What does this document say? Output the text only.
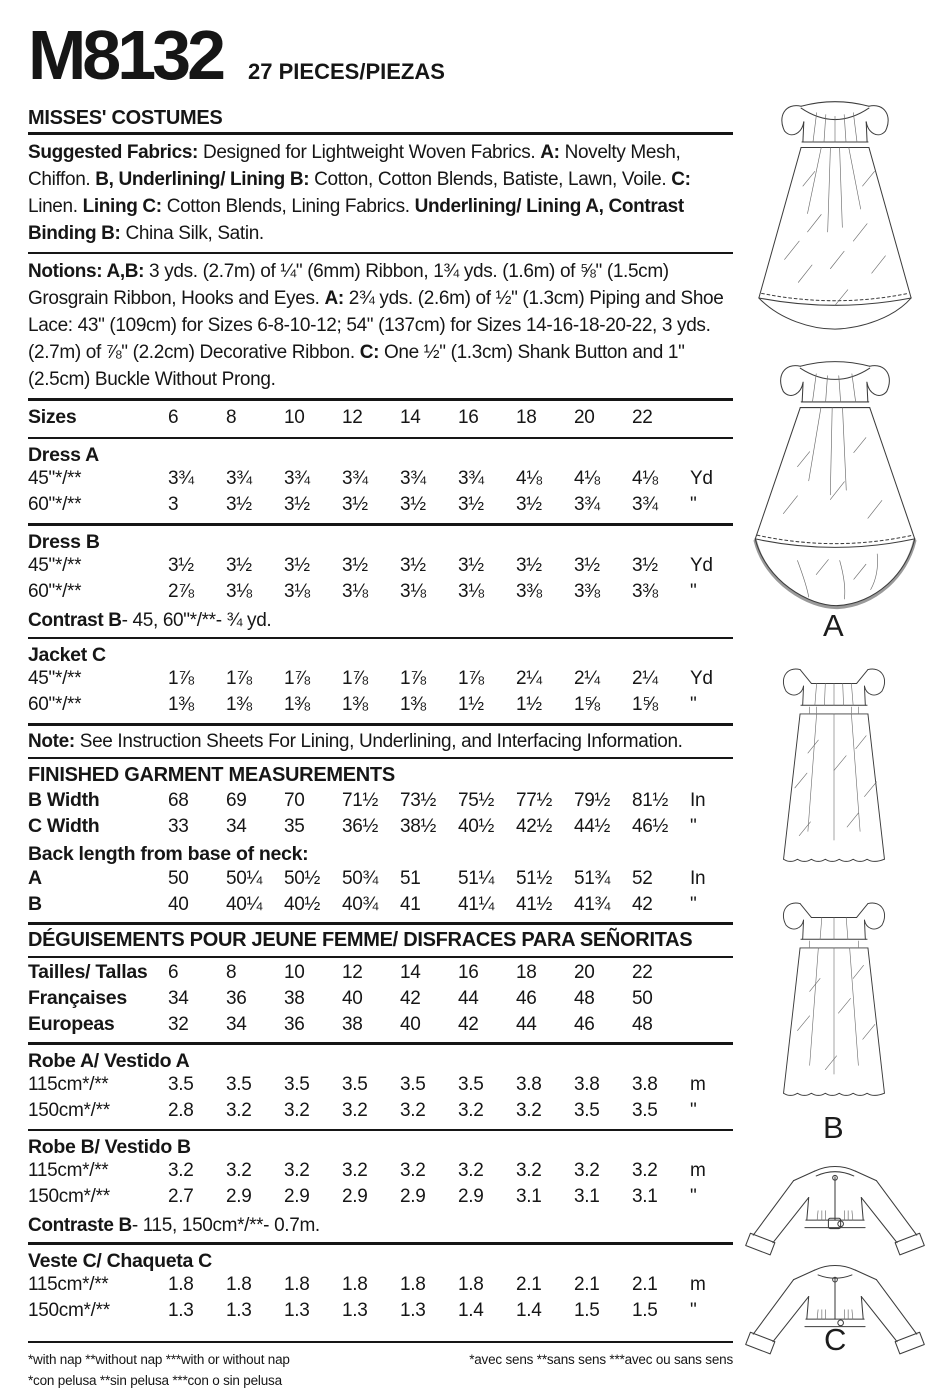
M8132 27 PIECES/PIEZAS
MISSES' COSTUMES
Suggested Fabrics: Designed for Lightweight Woven Fabrics. A: Novelty Mesh, Chiffon. B, Underlining/ Lining B: Cotton, Cotton Blends, Batiste, Lawn, Voile. C: Linen. Lining C: Cotton Blends, Lining Fabrics. Underlining/ Lining A, Contrast Binding B: China Silk, Satin.
Notions: A,B: 3 yds. (2.7m) of ¼" (6mm) Ribbon, 1¾ yds. (1.6m) of ⅝" (1.5cm) Grosgrain Ribbon, Hooks and Eyes. A: 2¾ yds. (2.6m) of ½" (1.3cm) Piping and Shoe Lace: 43" (109cm) for Sizes 6-8-10-12; 54" (137cm) for Sizes 14-16-18-20-22, 3 yds. (2.7m) of ⅞" (2.2cm) Decorative Ribbon. C: One ½" (1.3cm) Shank Button and 1" (2.5cm) Buckle Without Prong.
Sizes	6	8	10	12	14	16	18	20	22
Dress A
45"*/**	3¾	3¾	3¾	3¾	3¾	3¾	4⅛	4⅛	4⅛	Yd
60"*/**	3	3½	3½	3½	3½	3½	3½	3¾	3¾	"
Dress B
45"*/**	3½	3½	3½	3½	3½	3½	3½	3½	3½	Yd
60"*/**	2⅞	3⅛	3⅛	3⅛	3⅛	3⅛	3⅜	3⅜	3⅜	"
Contrast B- 45, 60"*/**- ¾ yd.
Jacket C
45"*/**	1⅞	1⅞	1⅞	1⅞	1⅞	1⅞	2¼	2¼	2¼	Yd
60"*/**	1⅜	1⅜	1⅜	1⅜	1⅜	1½	1½	1⅝	1⅝	"
Note: See Instruction Sheets For Lining, Underlining, and Interfacing Information.
FINISHED GARMENT MEASUREMENTS
B Width	68	69	70	71½	73½	75½	77½	79½	81½	In
C Width	33	34	35	36½	38½	40½	42½	44½	46½	"
Back length from base of neck:
A	50	50¼	50½	50¾	51	51¼	51½	51¾	52	In
B	40	40¼	40½	40¾	41	41¼	41½	41¾	42	"
DÉGUISEMENTS POUR JEUNE FEMME/ DISFRACES PARA SEÑORITAS
Tailles/ Tallas	6	8	10	12	14	16	18	20	22
Françaises	34	36	38	40	42	44	46	48	50
Europeas	32	34	36	38	40	42	44	46	48
Robe A/ Vestido A
115cm*/**	3.5	3.5	3.5	3.5	3.5	3.5	3.8	3.8	3.8	m
150cm*/**	2.8	3.2	3.2	3.2	3.2	3.2	3.2	3.5	3.5	"
Robe B/ Vestido B
115cm*/**	3.2	3.2	3.2	3.2	3.2	3.2	3.2	3.2	3.2	m
150cm*/**	2.7	2.9	2.9	2.9	2.9	2.9	3.1	3.1	3.1	"
Contraste B- 115, 150cm*/**- 0.7m.
Veste C/ Chaqueta C
115cm*/**	1.8	1.8	1.8	1.8	1.8	1.8	2.1	2.1	2.1	m
150cm*/**	1.3	1.3	1.3	1.3	1.3	1.4	1.4	1.5	1.5	"
*with nap **without nap ***with or without nap	*avec sens **sans sens ***avec ou sans sens
*con pelusa **sin pelusa ***con o sin pelusa
A
B
C
